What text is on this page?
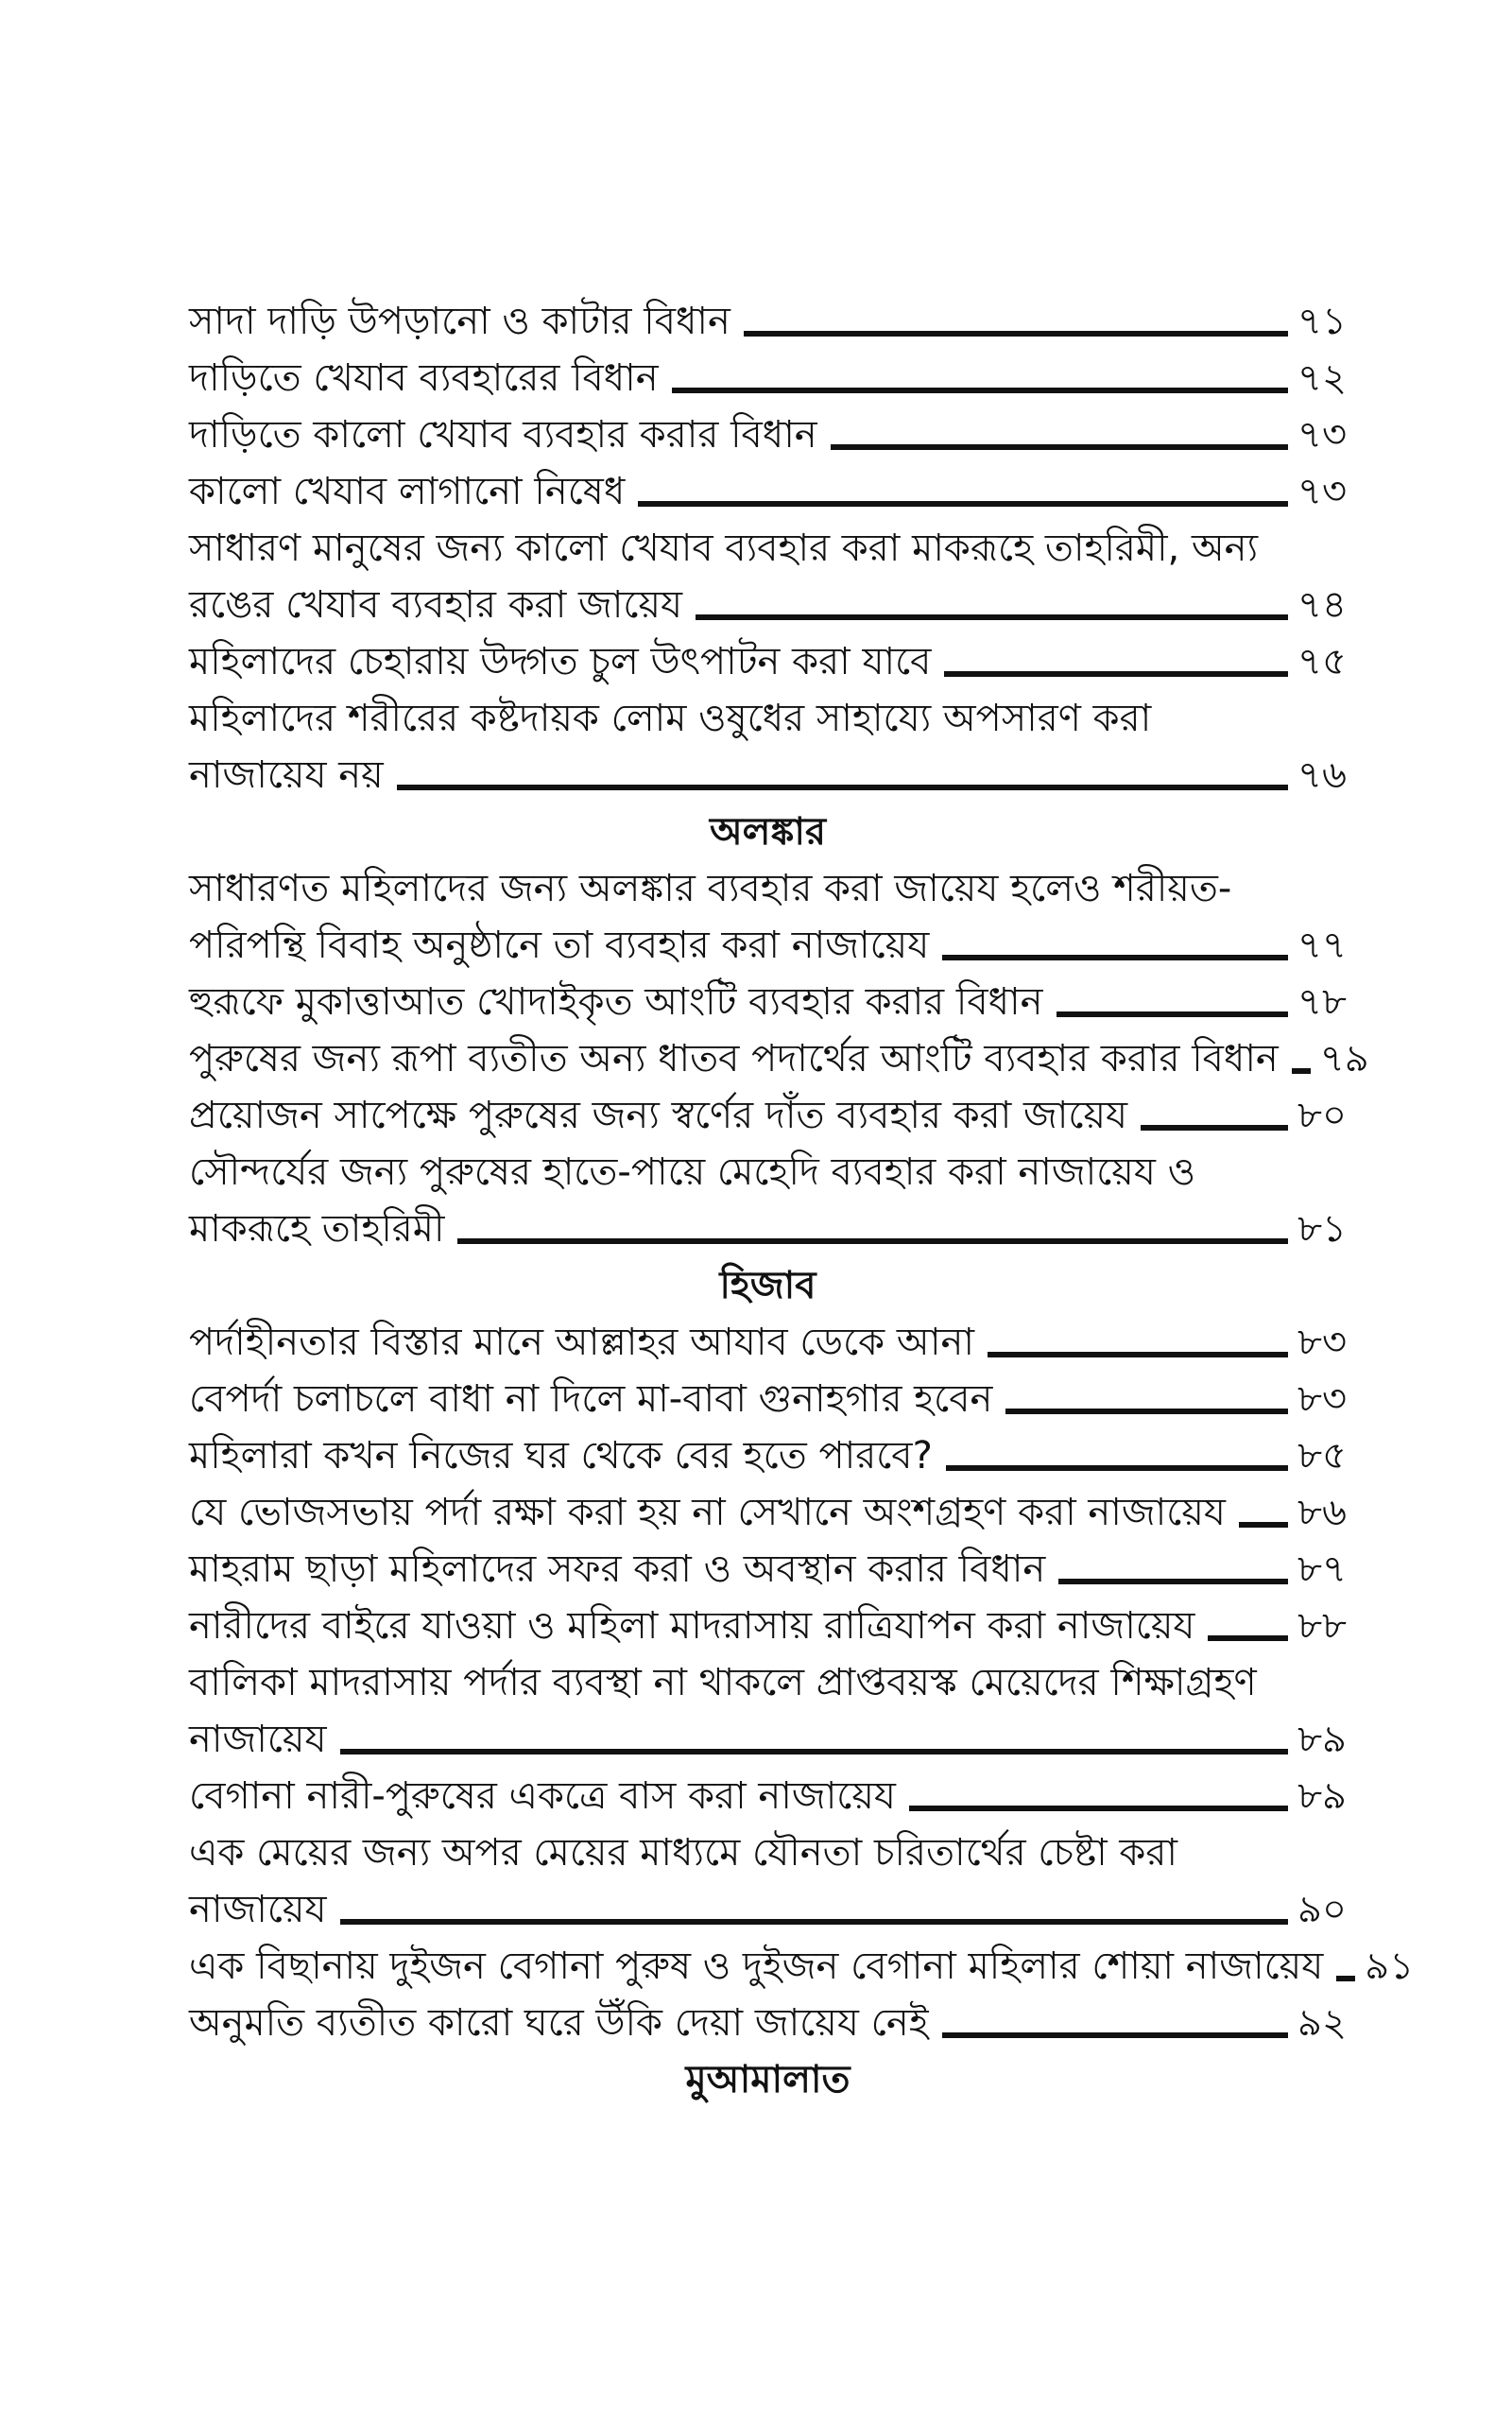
সাদা দাড়ি উপড়ানো ও কাটার বিধান	৭১
দাড়িতে খেযাব ব্যবহারের বিধান	৭২
দাড়িতে কালো খেযাব ব্যবহার করার বিধান	৭৩
কালো খেযাব লাগানো নিষেধ	৭৩
সাধারণ মানুষের জন্য কালো খেযাব ব্যবহার করা মাকরূহে তাহরিমী, অন্য
রঙের খেযাব ব্যবহার করা জায়েয	৭৪
মহিলাদের চেহারায় উদ্গত চুল উৎপাটন করা যাবে	৭৫
মহিলাদের শরীরের কষ্টদায়ক লোম ওষুধের সাহায্যে অপসারণ করা
নাজায়েয নয়	৭৬
অলঙ্কার
সাধারণত মহিলাদের জন্য অলঙ্কার ব্যবহার করা জায়েয হলেও শরীয়ত-
পরিপন্থি বিবাহ অনুষ্ঠানে তা ব্যবহার করা নাজায়েয	৭৭
হুরূফে মুকাত্তাআত খোদাইকৃত আংটি ব্যবহার করার বিধান	৭৮
পুরুষের জন্য রূপা ব্যতীত অন্য ধাতব পদার্থের আংটি ব্যবহার করার বিধান ৭৯
প্রয়োজন সাপেক্ষে পুরুষের জন্য স্বর্ণের দাঁত ব্যবহার করা জায়েয	৮০
সৌন্দর্যের জন্য পুরুষের হাতে-পায়ে মেহেদি ব্যবহার করা নাজায়েয ও
মাকরূহে তাহরিমী	৮১
হিজাব
পর্দাহীনতার বিস্তার মানে আল্লাহর আযাব ডেকে আনা	৮৩
বেপর্দা চলাচলে বাধা না দিলে মা-বাবা গুনাহগার হবেন	৮৩
মহিলারা কখন নিজের ঘর থেকে বের হতে পারবে?	৮৫
যে ভোজসভায় পর্দা রক্ষা করা হয় না সেখানে অংশগ্রহণ করা নাজায়েয ৮৬
মাহরাম ছাড়া মহিলাদের সফর করা ও অবস্থান করার বিধান	৮৭
নারীদের বাইরে যাওয়া ও মহিলা মাদরাসায় রাত্রিযাপন করা নাজায়েয	৮৮
বালিকা মাদরাসায় পর্দার ব্যবস্থা না থাকলে প্রাপ্তবয়স্ক মেয়েদের শিক্ষাগ্রহণ
নাজায়েয	৮৯
বেগানা নারী-পুরুষের একত্রে বাস করা নাজায়েয	৮৯
এক মেয়ের জন্য অপর মেয়ের মাধ্যমে যৌনতা চরিতার্থের চেষ্টা করা
নাজায়েয	৯০
এক বিছানায় দুইজন বেগানা পুরুষ ও দুইজন বেগানা মহিলার শোয়া নাজায়েয ৯১
অনুমতি ব্যতীত কারো ঘরে উঁকি দেয়া জায়েয নেই	৯২
মুআমালাত
